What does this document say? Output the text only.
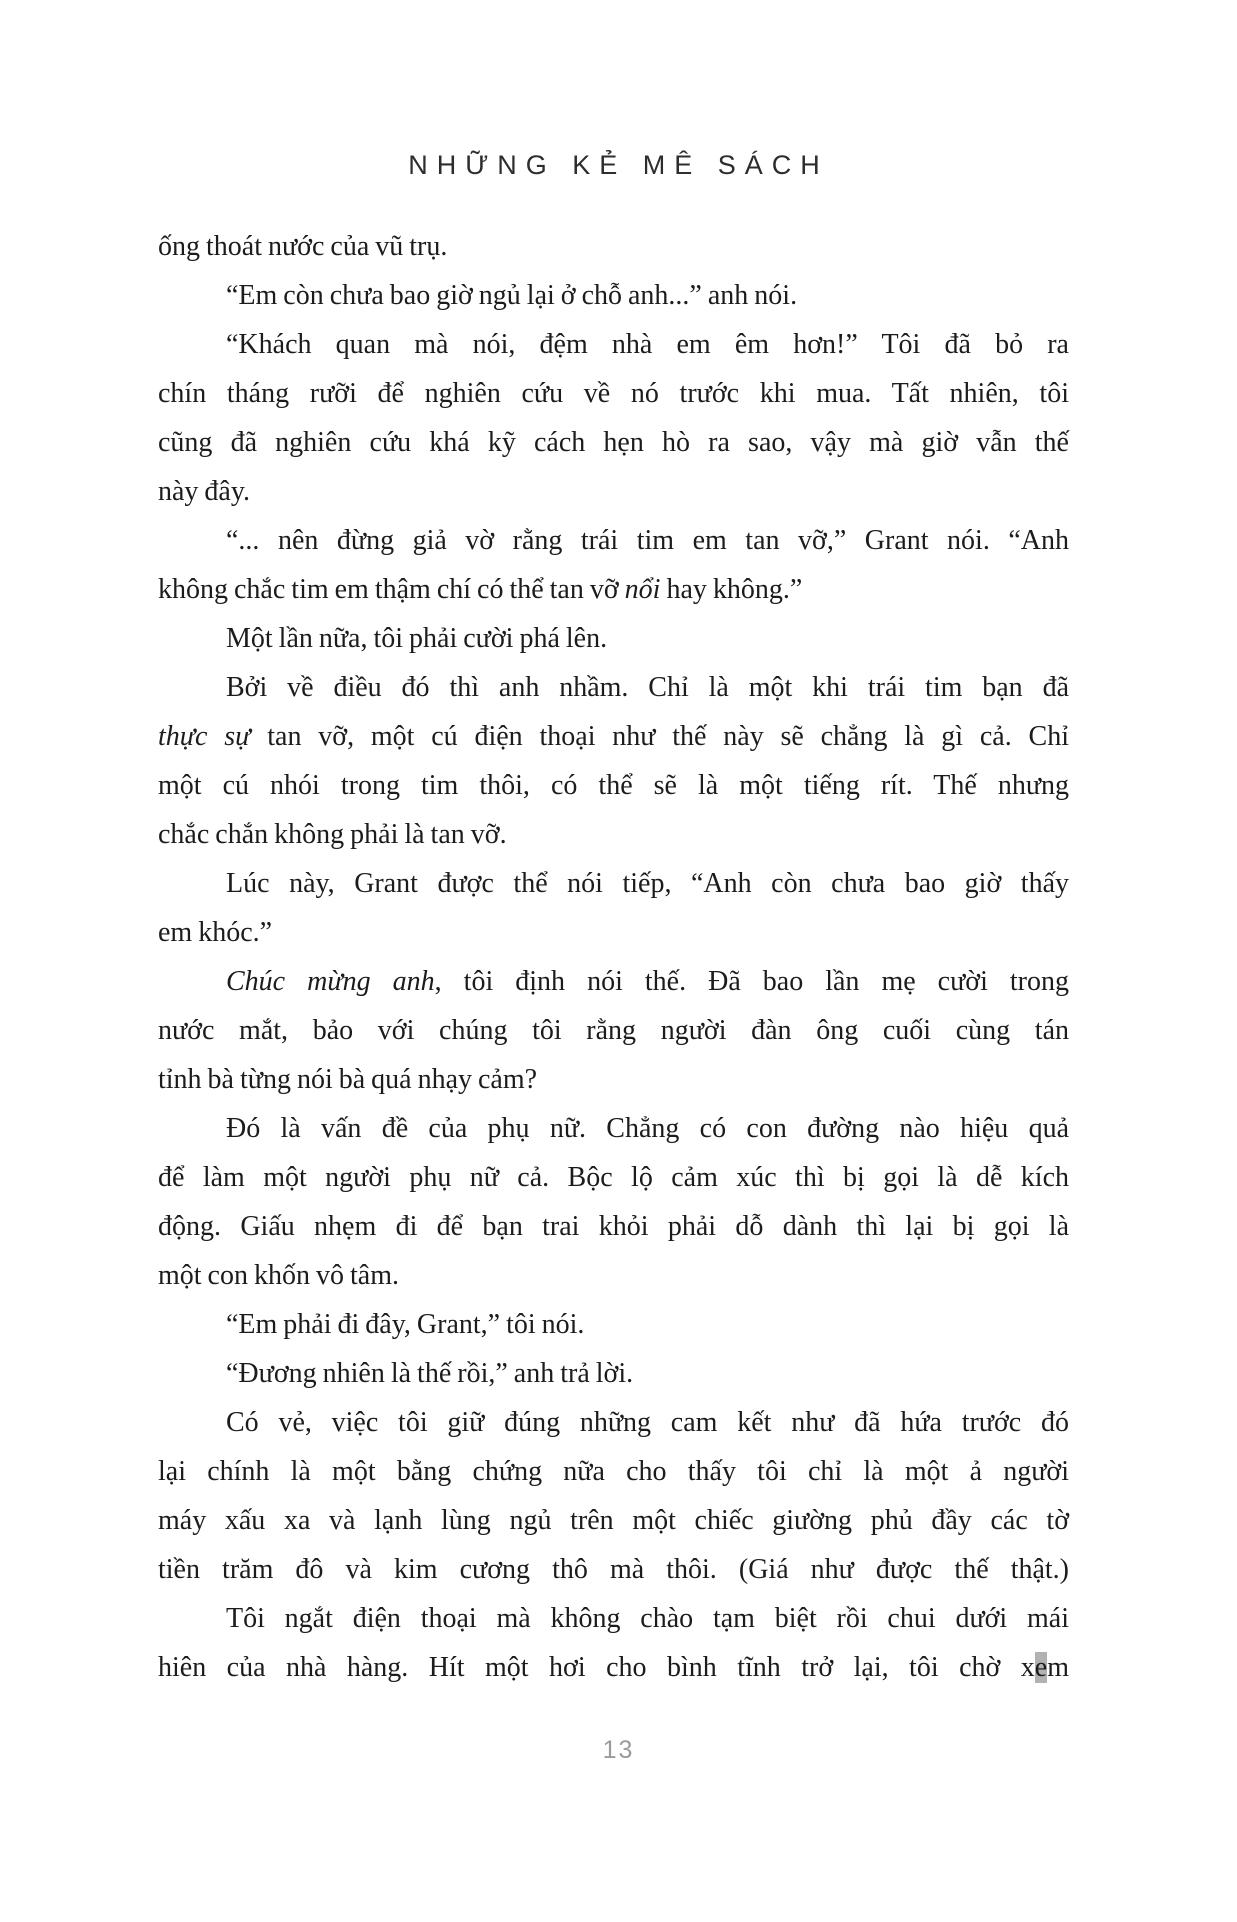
NHỮNG KẺ MÊ SÁCH
ống thoát nước của vũ trụ.
“Em còn chưa bao giờ ngủ lại ở chỗ anh...” anh nói.
“Khách quan mà nói, đệm nhà em êm hơn!” Tôi đã bỏ ra
chín tháng rưỡi để nghiên cứu về nó trước khi mua. Tất nhiên, tôi
cũng đã nghiên cứu khá kỹ cách hẹn hò ra sao, vậy mà giờ vẫn thế
này đây.
“... nên đừng giả vờ rằng trái tim em tan vỡ,” Grant nói. “Anh
không chắc tim em thậm chí có thể tan vỡ nổi hay không.”
Một lần nữa, tôi phải cười phá lên.
Bởi về điều đó thì anh nhầm. Chỉ là một khi trái tim bạn đã
thực sự tan vỡ, một cú điện thoại như thế này sẽ chẳng là gì cả. Chỉ
một cú nhói trong tim thôi, có thể sẽ là một tiếng rít. Thế nhưng
chắc chắn không phải là tan vỡ.
Lúc này, Grant được thể nói tiếp, “Anh còn chưa bao giờ thấy
em khóc.”
Chúc mừng anh, tôi định nói thế. Đã bao lần mẹ cười trong
nước mắt, bảo với chúng tôi rằng người đàn ông cuối cùng tán
tỉnh bà từng nói bà quá nhạy cảm?
Đó là vấn đề của phụ nữ. Chẳng có con đường nào hiệu quả
để làm một người phụ nữ cả. Bộc lộ cảm xúc thì bị gọi là dễ kích
động. Giấu nhẹm đi để bạn trai khỏi phải dỗ dành thì lại bị gọi là
một con khốn vô tâm.
“Em phải đi đây, Grant,” tôi nói.
“Đương nhiên là thế rồi,” anh trả lời.
Có vẻ, việc tôi giữ đúng những cam kết như đã hứa trước đó
lại chính là một bằng chứng nữa cho thấy tôi chỉ là một ả người
máy xấu xa và lạnh lùng ngủ trên một chiếc giường phủ đầy các tờ
tiền trăm đô và kim cương thô mà thôi. (Giá như được thế thật.)
Tôi ngắt điện thoại mà không chào tạm biệt rồi chui dưới mái
hiên của nhà hàng. Hít một hơi cho bình tĩnh trở lại, tôi chờ xem
13
